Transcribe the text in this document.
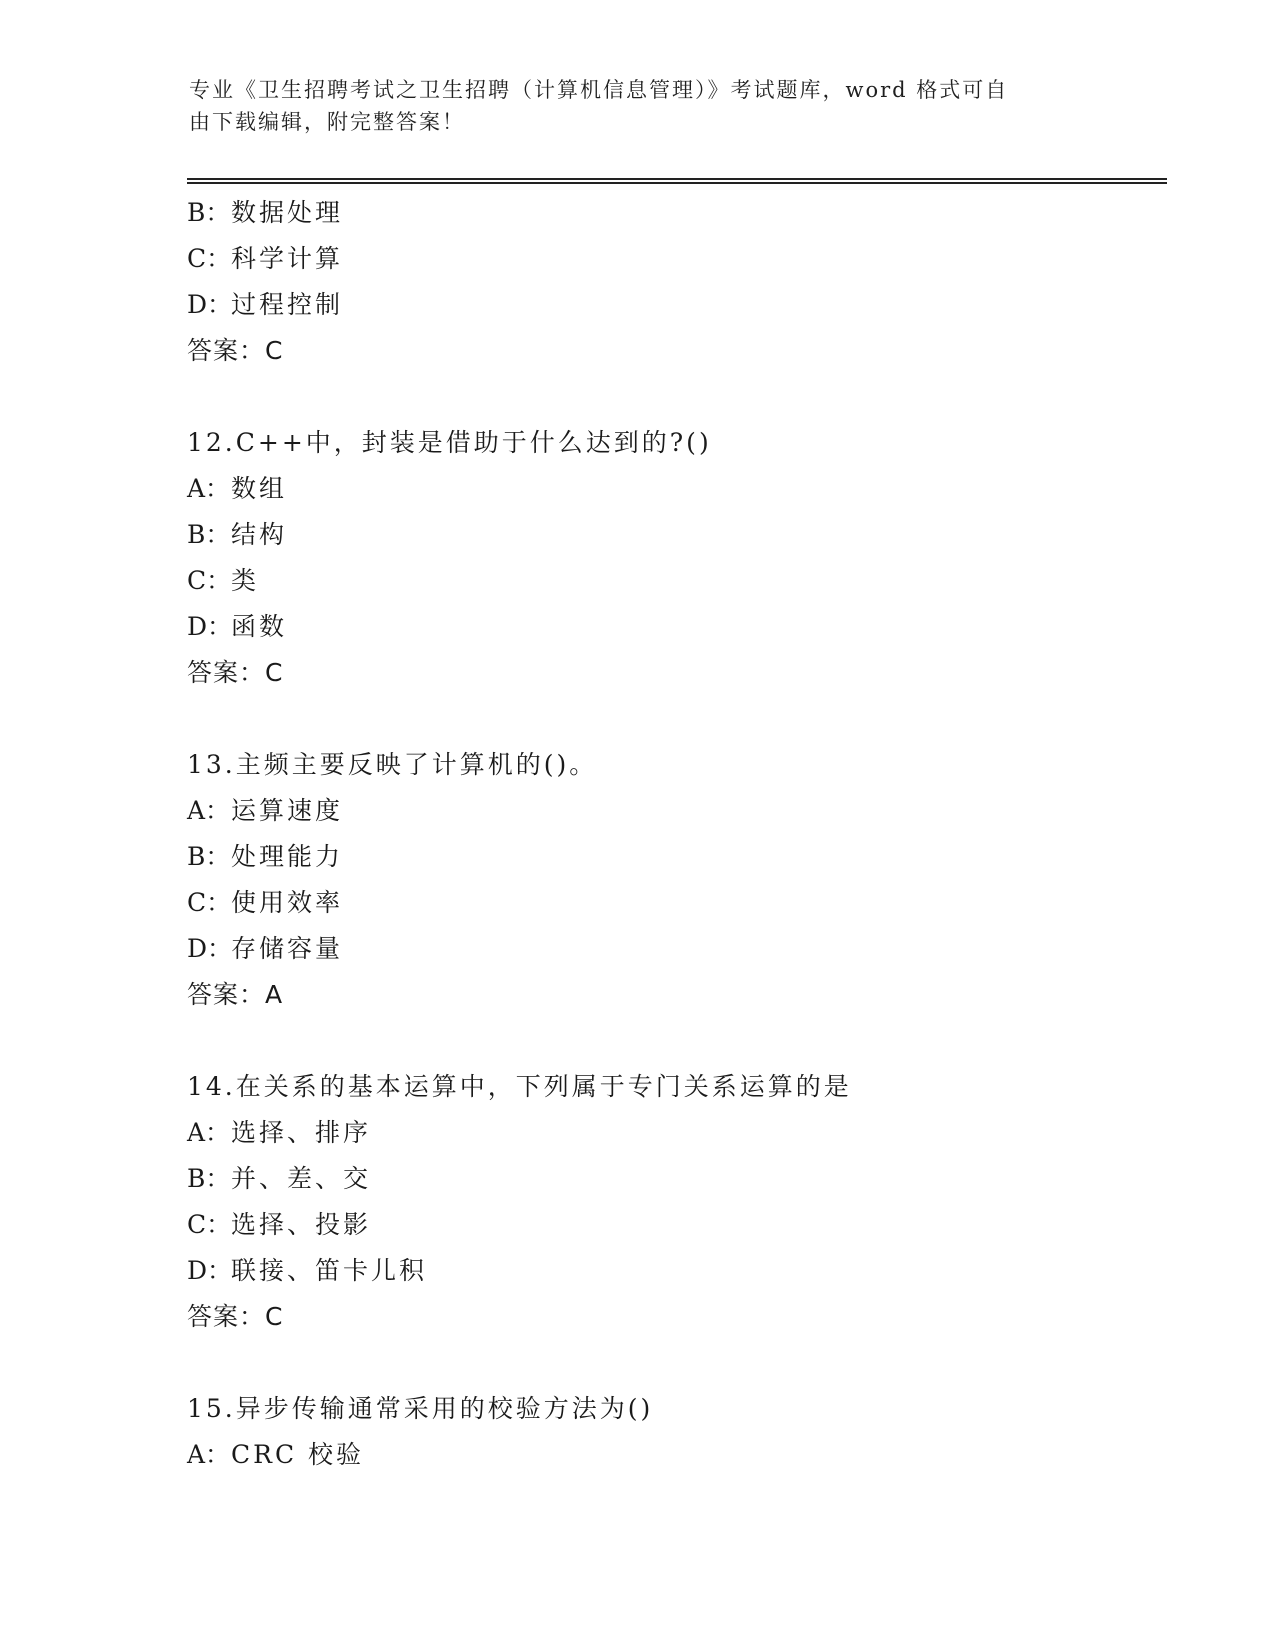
专业《卫生招聘考试之卫生招聘（计算机信息管理）》考试题库，word 格式可自
由下载编辑，附完整答案！
B：数据处理
C：科学计算
D：过程控制
答案：C
12.C++中，封装是借助于什么达到的?()
A：数组
B：结构
C：类
D：函数
答案：C
13.主频主要反映了计算机的()。
A：运算速度
B：处理能力
C：使用效率
D：存储容量
答案：A
14.在关系的基本运算中，下列属于专门关系运算的是
A：选择、排序
B：并、差、交
C：选择、投影
D：联接、笛卡儿积
答案：C
15.异步传输通常采用的校验方法为()
A：CRC 校验
